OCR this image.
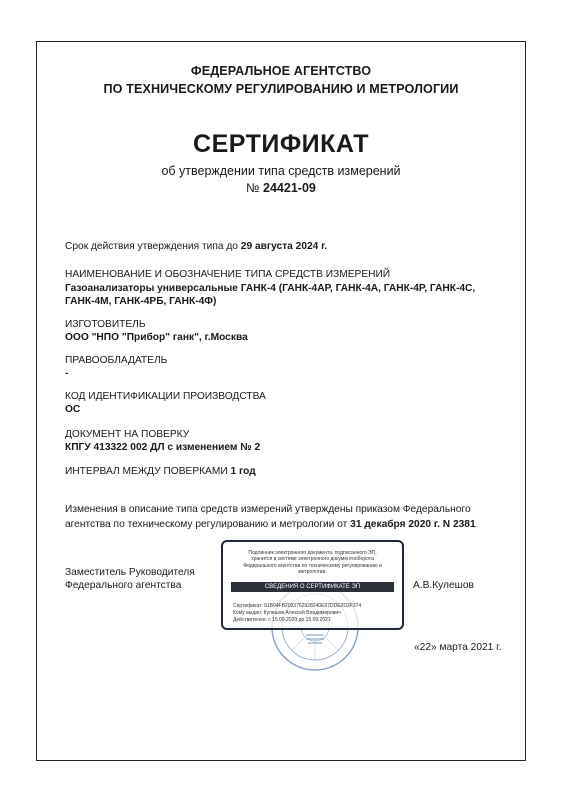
ФЕДЕРАЛЬНОЕ АГЕНТСТВО
ПО ТЕХНИЧЕСКОМУ РЕГУЛИРОВАНИЮ И МЕТРОЛОГИИ
СЕРТИФИКАТ
об утверждении типа средств измерений
№ 24421-09
Срок действия утверждения типа до 29 августа 2024 г.
НАИМЕНОВАНИЕ И ОБОЗНАЧЕНИЕ ТИПА СРЕДСТВ ИЗМЕРЕНИЙ
Газоанализаторы универсальные ГАНК-4 (ГАНК-4АР, ГАНК-4А, ГАНК-4Р, ГАНК-4С,
ГАНК-4М, ГАНК-4РБ, ГАНК-4Ф)
ИЗГОТОВИТЕЛЬ
ООО "НПО "Прибор" ганк", г.Москва
ПРАВООБЛАДАТЕЛЬ
-
КОД ИДЕНТИФИКАЦИИ ПРОИЗВОДСТВА
ОС
ДОКУМЕНТ НА ПОВЕРКУ
КПГУ 413322 002 ДЛ с изменением № 2
ИНТЕРВАЛ МЕЖДУ ПОВЕРКАМИ 1 год
Изменения в описание типа средств измерений утверждены приказом Федерального
агентства по техническому регулированию и метрологии от 31 декабря 2020 г. N 2381
Заместитель Руководителя
Федерального агентства	А.В.Кулешов
Подлинник электронного документа, подписанного ЭП,
хранится в системе электронного документооборота
Федерального агентства по техническому регулированию и
метрологии.
СВЕДЕНИЯ О СЕРТИФИКАТЕ ЭП
Сертификат: 01B04FB2003762928240E97DDE2D3F374
Кому выдан: Кулешов Алексей Владимирович
Действителен: с 15.09.2020 до 15.09.2021
«22» марта 2021 г.
